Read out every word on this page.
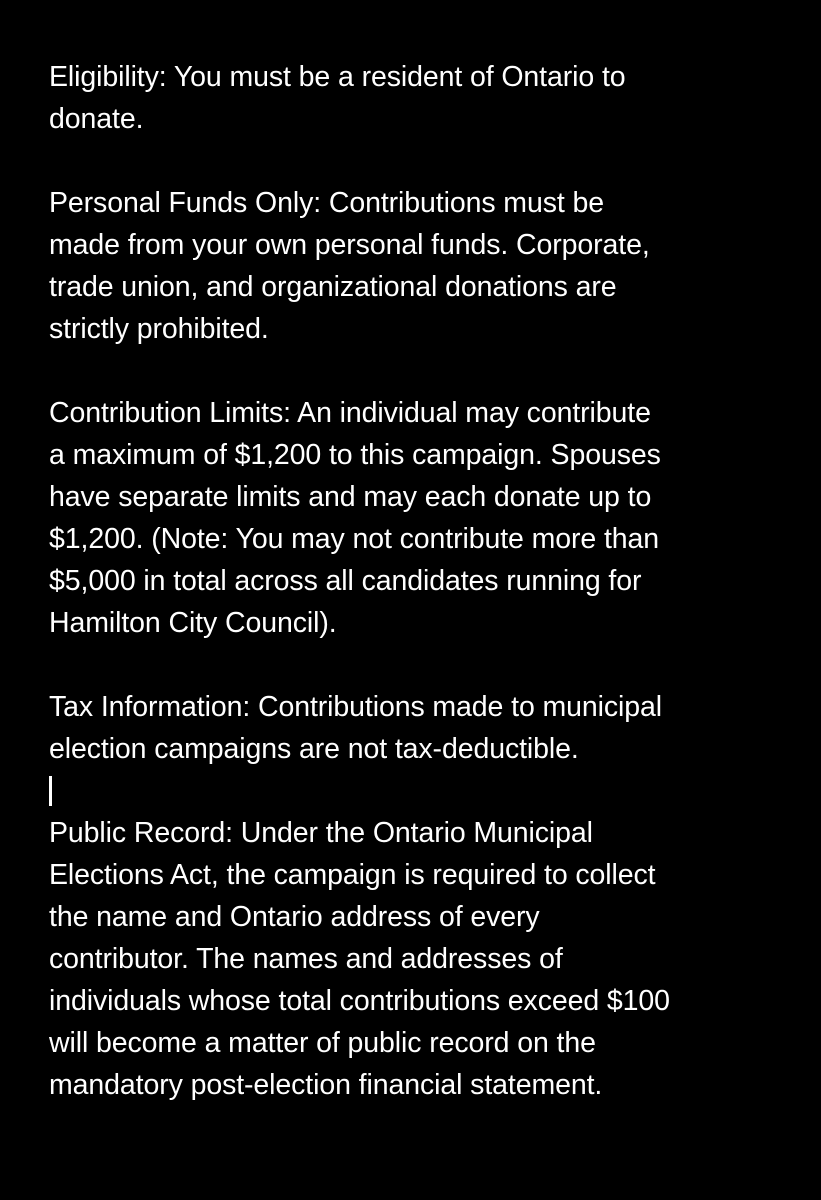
Eligibility: You must be a resident of Ontario to
donate.

Personal Funds Only: Contributions must be
made from your own personal funds. Corporate,
trade union, and organizational donations are
strictly prohibited.

Contribution Limits: An individual may contribute
a maximum of $1,200 to this campaign. Spouses
have separate limits and may each donate up to
$1,200. (Note: You may not contribute more than
$5,000 in total across all candidates running for
Hamilton City Council).

Tax Information: Contributions made to municipal
election campaigns are not tax-deductible.

Public Record: Under the Ontario Municipal
Elections Act, the campaign is required to collect
the name and Ontario address of every
contributor. The names and addresses of
individuals whose total contributions exceed $100
will become a matter of public record on the
mandatory post-election financial statement.
